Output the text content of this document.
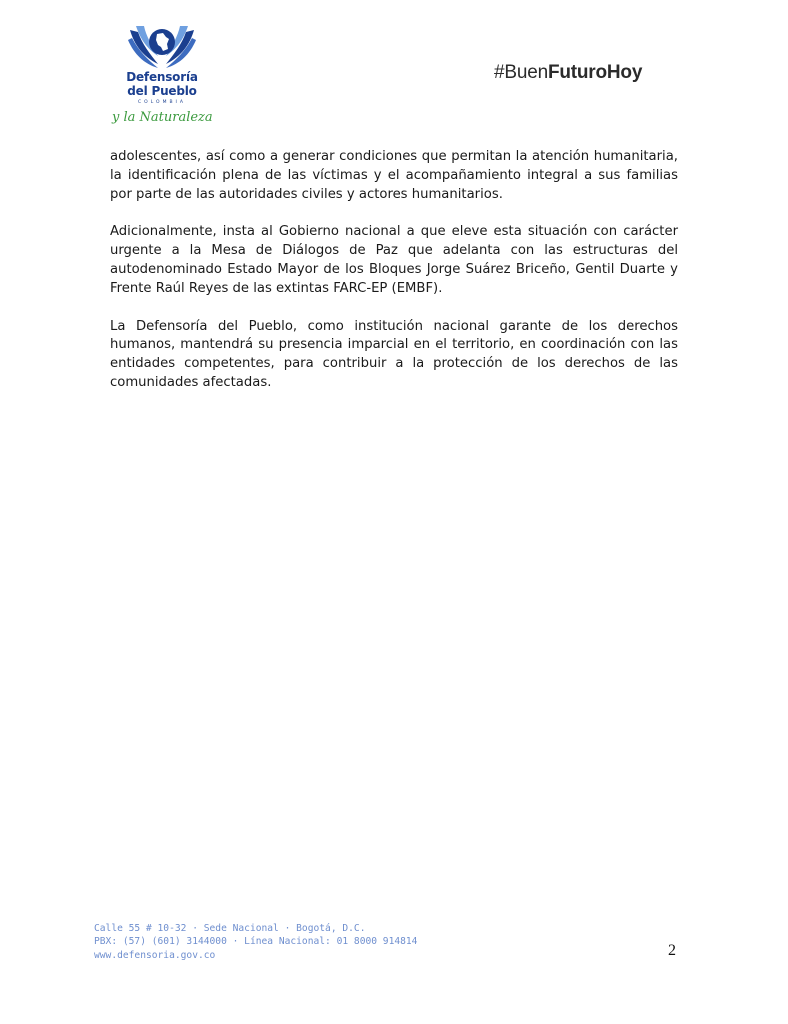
Defensoría
del Pueblo
COLOMBIA
y la Naturaleza
#BuenFuturoHoy

adolescentes, así como a generar condiciones que permitan la atención humanitaria, la identificación plena de las víctimas y el acompañamiento integral a sus familias por parte de las autoridades civiles y actores humanitarios.

Adicionalmente, insta al Gobierno nacional a que eleve esta situación con carácter urgente a la Mesa de Diálogos de Paz que adelanta con las estructuras del autodenominado Estado Mayor de los Bloques Jorge Suárez Briceño, Gentil Duarte y Frente Raúl Reyes de las extintas FARC-EP (EMBF).

La Defensoría del Pueblo, como institución nacional garante de los derechos humanos, mantendrá su presencia imparcial en el territorio, en coordinación con las entidades competentes, para contribuir a la protección de los derechos de las comunidades afectadas.

Calle 55 # 10-32 · Sede Nacional · Bogotá, D.C.
PBX: (57) (601) 3144000 · Línea Nacional: 01 8000 914814
www.defensoria.gov.co	2
